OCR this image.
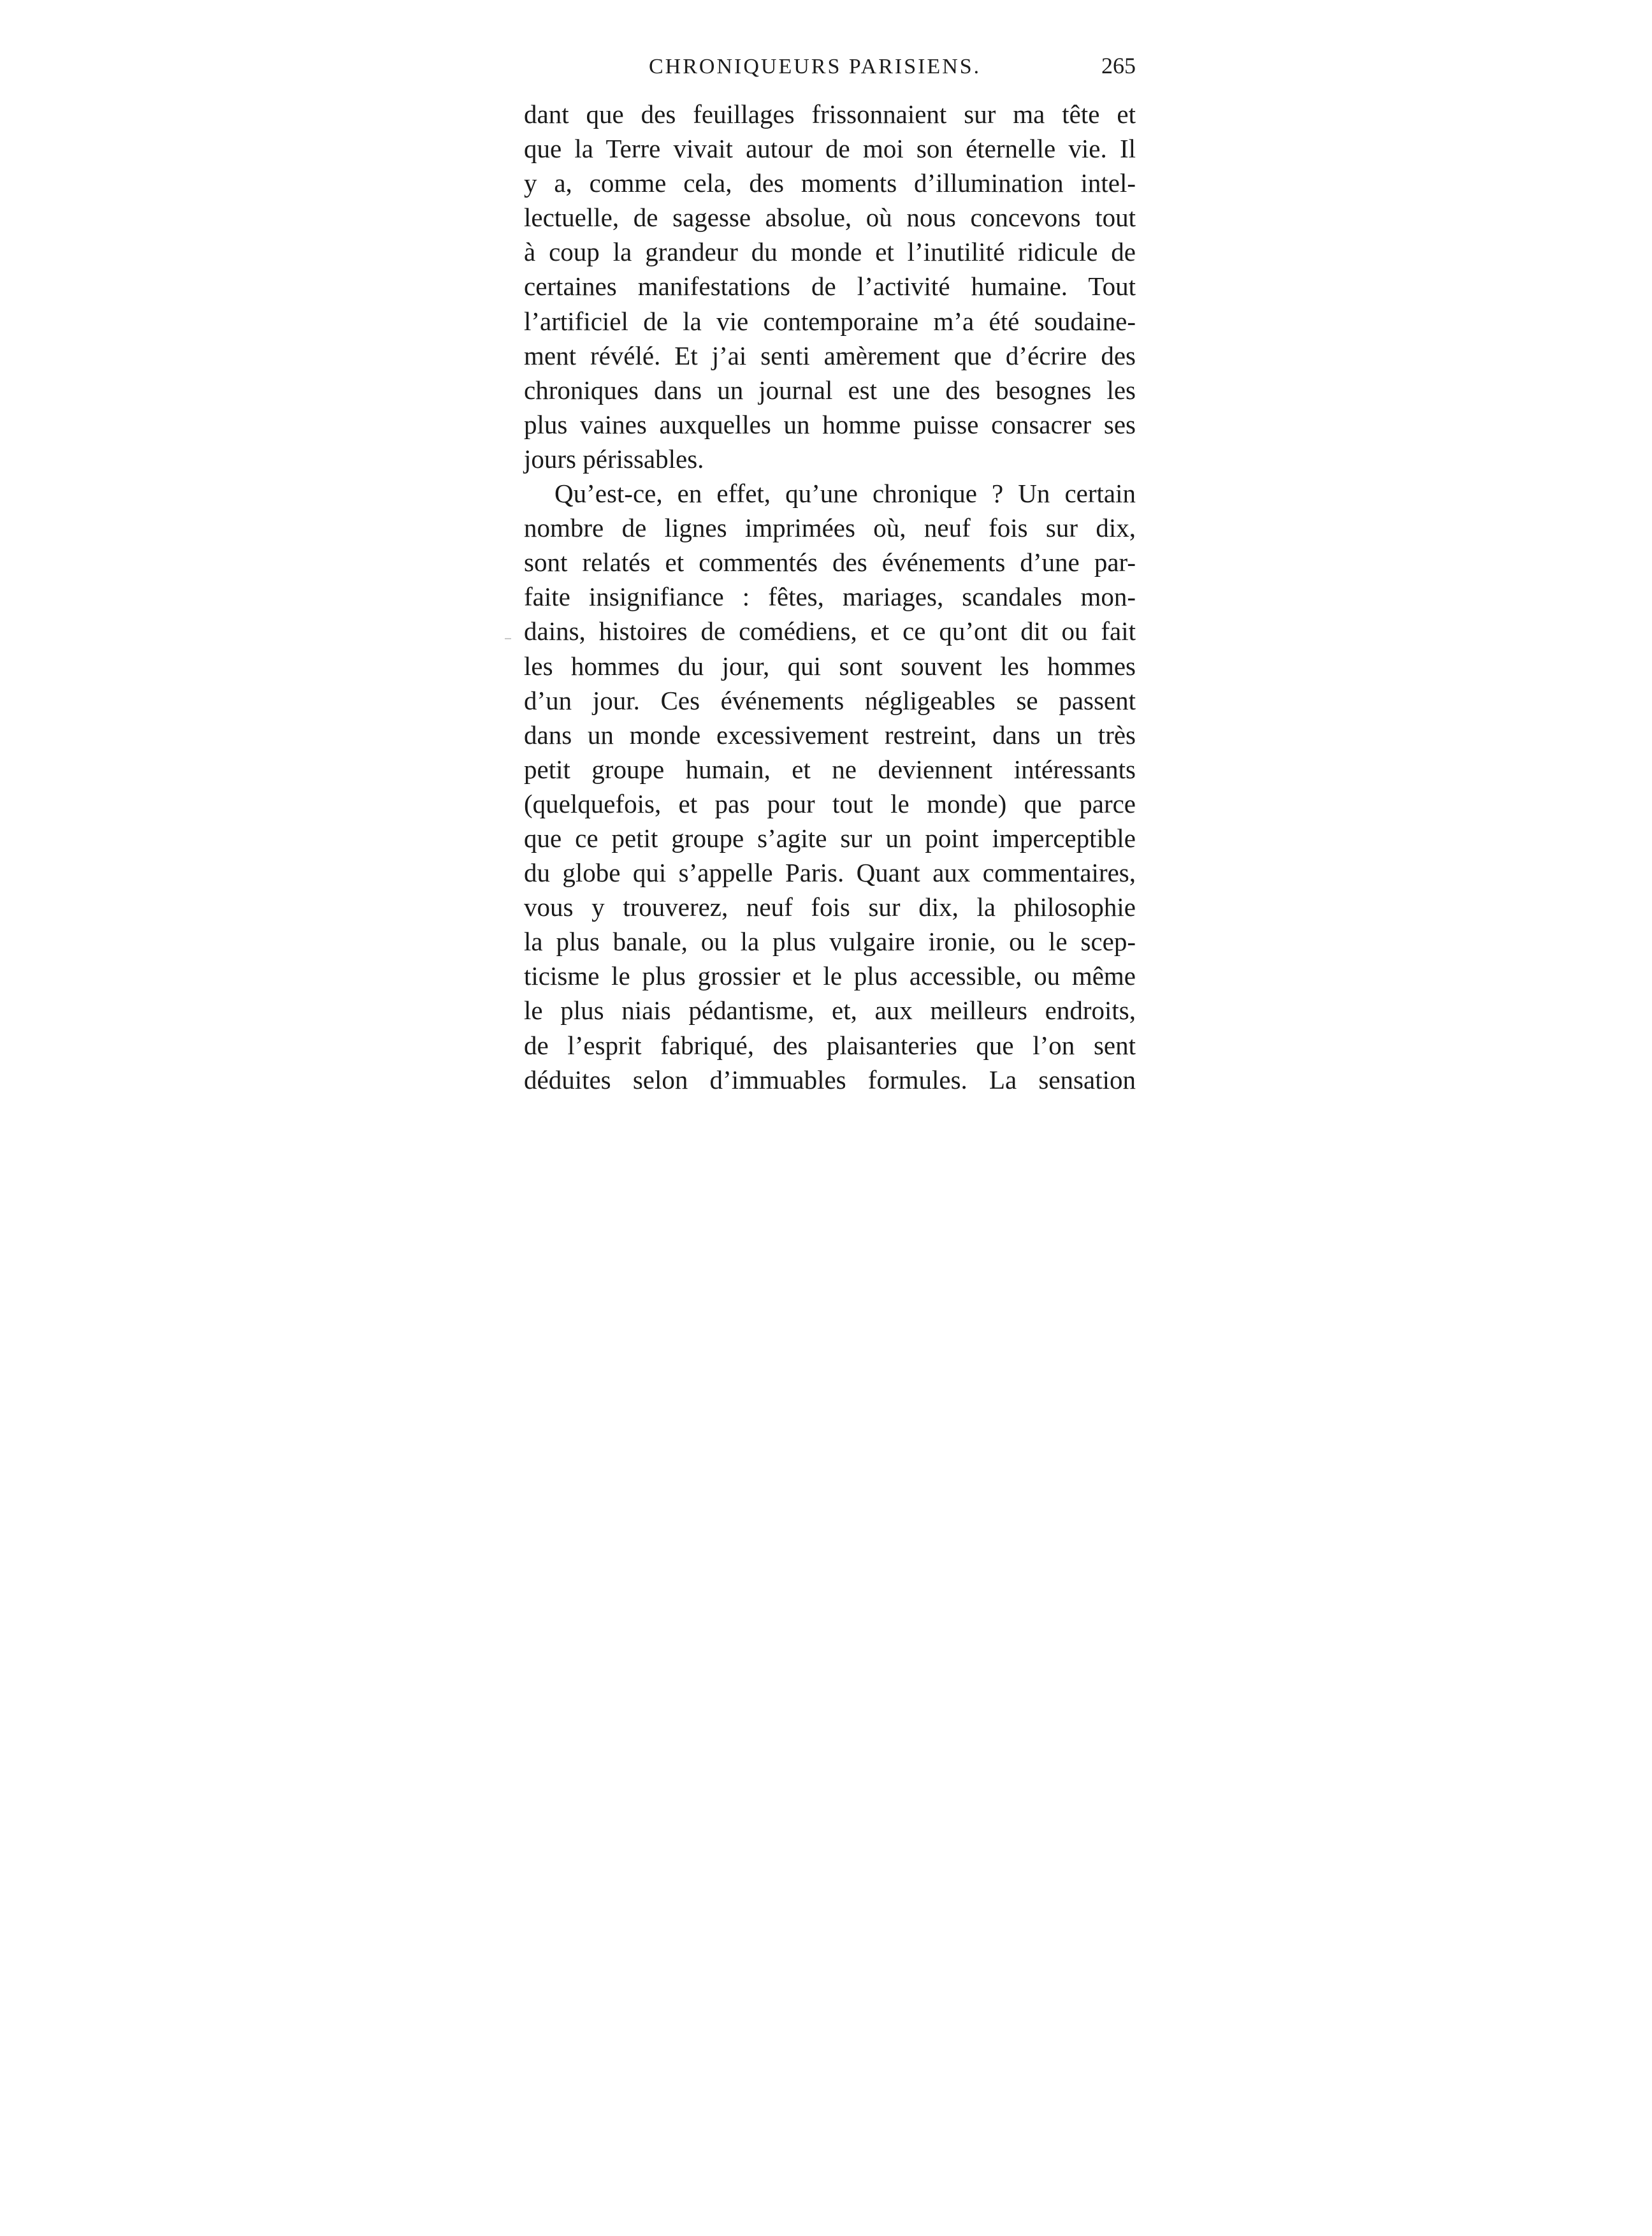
CHRONIQUEURS PARISIENS.	265
dant que des feuillages frissonnaient sur ma tête et
que la Terre vivait autour de moi son éternelle vie. Il
y a, comme cela, des moments d’illumination intel-
lectuelle, de sagesse absolue, où nous concevons tout
à coup la grandeur du monde et l’inutilité ridicule de
certaines manifestations de l’activité humaine. Tout
l’artificiel de la vie contemporaine m’a été soudaine-
ment révélé. Et j’ai senti amèrement que d’écrire des
chroniques dans un journal est une des besognes les
plus vaines auxquelles un homme puisse consacrer ses
jours périssables.
Qu’est-ce, en effet, qu’une chronique ? Un certain
nombre de lignes imprimées où, neuf fois sur dix,
sont relatés et commentés des événements d’une par-
faite insignifiance : fêtes, mariages, scandales mon-
dains, histoires de comédiens, et ce qu’ont dit ou fait
les hommes du jour, qui sont souvent les hommes
d’un jour. Ces événements négligeables se passent
dans un monde excessivement restreint, dans un très
petit groupe humain, et ne deviennent intéressants
(quelquefois, et pas pour tout le monde) que parce
que ce petit groupe s’agite sur un point imperceptible
du globe qui s’appelle Paris. Quant aux commentaires,
vous y trouverez, neuf fois sur dix, la philosophie
la plus banale, ou la plus vulgaire ironie, ou le scep-
ticisme le plus grossier et le plus accessible, ou même
le plus niais pédantisme, et, aux meilleurs endroits,
de l’esprit fabriqué, des plaisanteries que l’on sent
déduites selon d’immuables formules. La sensation
